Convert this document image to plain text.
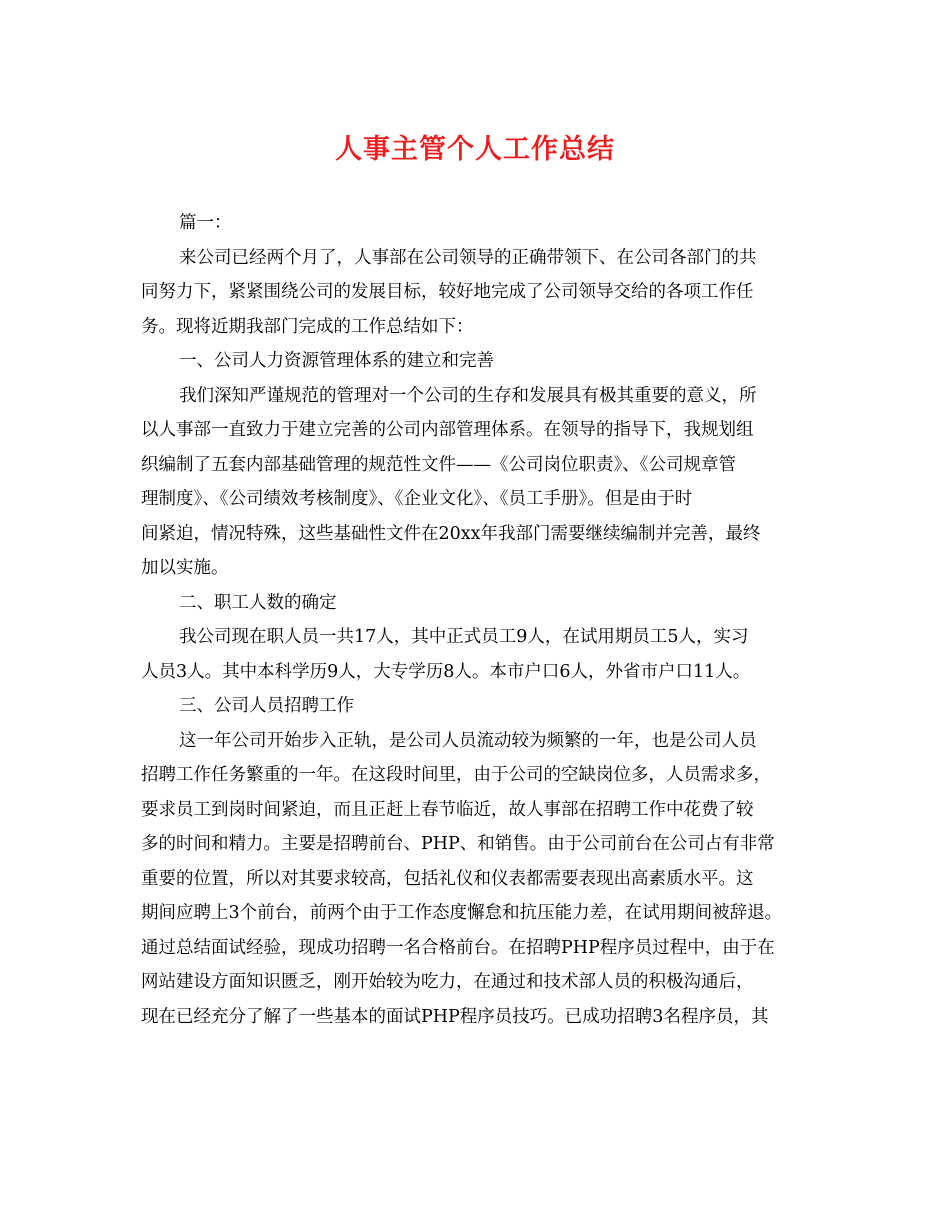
人事主管个人工作总结
篇一：
来公司已经两个月了，人事部在公司领导的正确带领下、在公司各部门的共
同努力下，紧紧围绕公司的发展目标，较好地完成了公司领导交给的各项工作任
务。现将近期我部门完成的工作总结如下：
一、公司人力资源管理体系的建立和完善
我们深知严谨规范的管理对一个公司的生存和发展具有极其重要的意义，所
以人事部一直致力于建立完善的公司内部管理体系。在领导的指导下，我规划组
织编制了五套内部基础管理的规范性文件——《公司岗位职责》、《公司规章管
理制度》、《公司绩效考核制度》、《企业文化》、《员工手册》。但是由于时
间紧迫，情况特殊，这些基础性文件在20xx年我部门需要继续编制并完善，最终
加以实施。
二、职工人数的确定
我公司现在职人员一共17人，其中正式员工9人，在试用期员工5人，实习
人员3人。其中本科学历9人，大专学历8人。本市户口6人，外省市户口11人。
三、公司人员招聘工作
这一年公司开始步入正轨，是公司人员流动较为频繁的一年，也是公司人员
招聘工作任务繁重的一年。在这段时间里，由于公司的空缺岗位多，人员需求多，
要求员工到岗时间紧迫，而且正赶上春节临近，故人事部在招聘工作中花费了较
多的时间和精力。主要是招聘前台、PHP、和销售。由于公司前台在公司占有非常
重要的位置，所以对其要求较高，包括礼仪和仪表都需要表现出高素质水平。这
期间应聘上3个前台，前两个由于工作态度懈怠和抗压能力差，在试用期间被辞退。
通过总结面试经验，现成功招聘一名合格前台。在招聘PHP程序员过程中，由于在
网站建设方面知识匮乏，刚开始较为吃力，在通过和技术部人员的积极沟通后，
现在已经充分了解了一些基本的面试PHP程序员技巧。已成功招聘3名程序员，其
